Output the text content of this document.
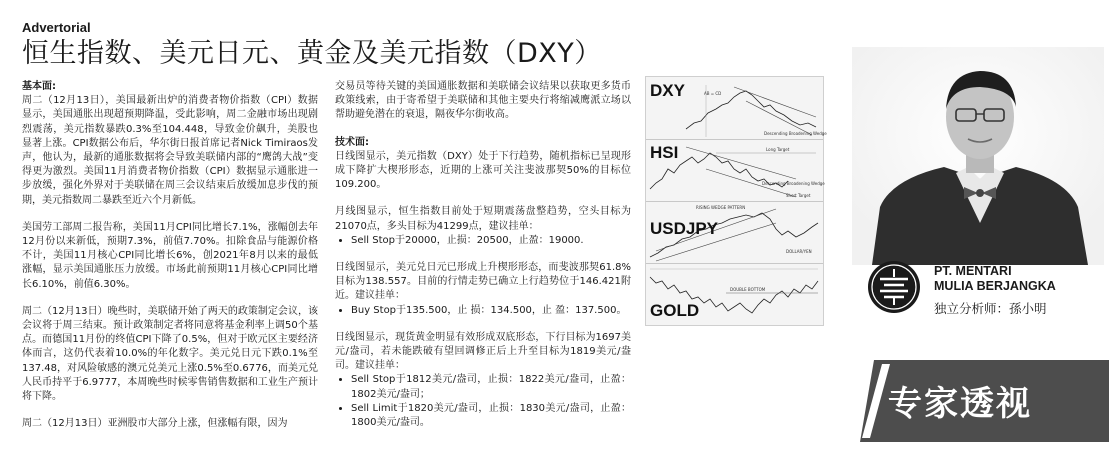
Advertorial
恒生指数、美元日元、黄金及美元指数（DXY）
基本面:

周二（12月13日），美国最新出炉的消费者物价指数（CPI）数据显示，美国通胀出现超预期降温，受此影响，周二金融市场出现剧烈震荡，美元指数暴跌0.3%至104.448，导致金价飙升，美股也显著上涨。CPI数据公布后，华尔街日报首席记者Nick Timiraos发声，他认为，最新的通胀数据将会导致美联储内部的“鹰鸽大战”变得更为激烈。美国11月消费者物价指数（CPI）数据显示通胀进一步放缓，强化外界对于美联储在周三会议结束后放缓加息步伐的预期，美元指数周二暴跌至近六个月新低。

美国劳工部周二报告称，美国11月CPI同比增长7.1%，涨幅创去年12月份以来新低，预期7.3%，前值7.70%。扣除食品与能源价格不计，美国11月核心CPI同比增长6%，创2021年8月以来的最低涨幅，显示美国通胀压力放缓。市场此前预期11月核心CPI同比增长6.10%，前值6.30%。

周二（12月13日）晚些时，美联储开始了两天的政策制定会议，该会议将于周三结束。预计政策制定者将同意将基金利率上调50个基点。而德国11月份的终值CPI下降了0.5%，但对于欧元区主要经济体而言，这仍代表着10.0%的年化数字。美元兑日元下跌0.1%至137.48，对风险敏感的澳元兑美元上涨0.5%至0.6776，而美元兑人民币持平于6.9777，本周晚些时候零售销售数据和工业生产预计将下降。

周二（12月13日）亚洲股市大部分上涨，但涨幅有限，因为

交易员等待关键的美国通胀数据和美联储会议结果以获取更多货币政策线索，由于寄希望于美联储和其他主要央行将缩减鹰派立场以帮助避免潜在的衰退，隔夜华尔街收高。

技术面:

日线图显示，美元指数（DXY）处于下行趋势，随机指标已呈现形成下降扩大楔形形态，近期的上涨可关注斐波那契50%的目标位109.200。

月线图显示，恒生指数目前处于短期震荡盘整趋势，空头目标为21070点，多头目标为41299点，建议挂单：

• Sell Stop于20000，止损：20500，止盈：19000.

日线图显示，美元兑日元已形成上升楔形形态，而斐波那契61.8%目标为138.557。目前的行情走势已确立上行趋势位于146.421附近。建议挂单：

• Buy Stop于135.500，止 损：134.500，止 盈：137.500。

日线图显示，现货黄金明显有效形成双底形态，下行目标为1697美元/盎司，若未能跌破有望回调修正后上升至目标为1819美元/盎司。建议挂单：

• Sell Stop于1812美元/盎司，止损：1822美元/盎司，止盈：1802美元/盎司；
• Sell Limit于1820美元/盎司，止损：1830美元/盎司，止盈：1800美元/盎司。
DXY	AB = CD
Descending Broadening Wedge
HSI	Long Target
Descending Broadening Wedge
Short Target
USDJPY
RISING WEDGE PATTERN
DOLLAR/YEN
GOLD
DOUBLE BOTTOM
PT. MENTARI
MULIA BERJANGKA
独立分析师：孫小明
专家透视
